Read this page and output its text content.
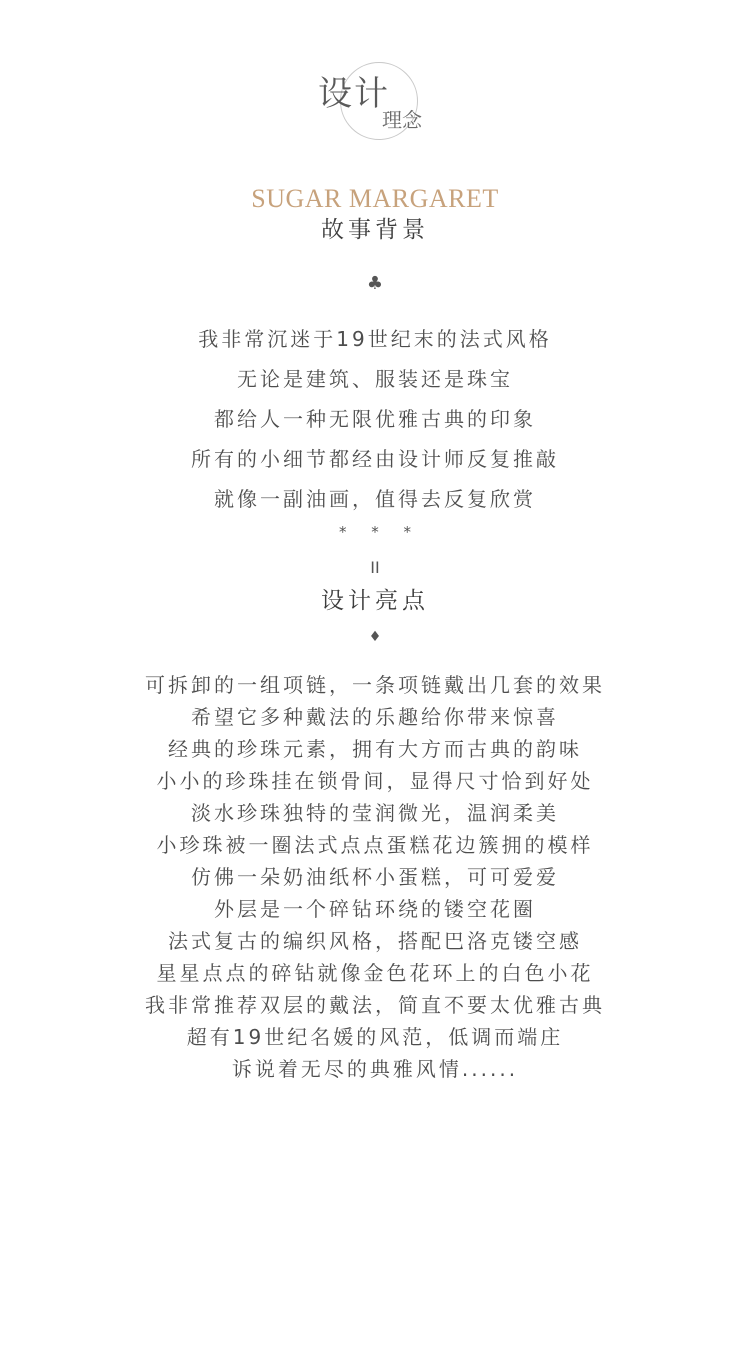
设计
理念
SUGAR MARGARET
故事背景
♣

我非常沉迷于19世纪末的法式风格

无论是建筑、服装还是珠宝

都给人一种无限优雅古典的印象

所有的小细节都经由设计师反复推敲

就像一副油画，值得去反复欣赏

* * *
II
设计亮点
♦

可拆卸的一组项链，一条项链戴出几套的效果

希望它多种戴法的乐趣给你带来惊喜

经典的珍珠元素，拥有大方而古典的韵味

小小的珍珠挂在锁骨间，显得尺寸恰到好处

淡水珍珠独特的莹润微光，温润柔美

小珍珠被一圈法式点点蛋糕花边簇拥的模样

仿佛一朵奶油纸杯小蛋糕，可可爱爱

外层是一个碎钻环绕的镂空花圈

法式复古的编织风格，搭配巴洛克镂空感

星星点点的碎钻就像金色花环上的白色小花

我非常推荐双层的戴法，简直不要太优雅古典

超有19世纪名媛的风范，低调而端庄

诉说着无尽的典雅风情......
